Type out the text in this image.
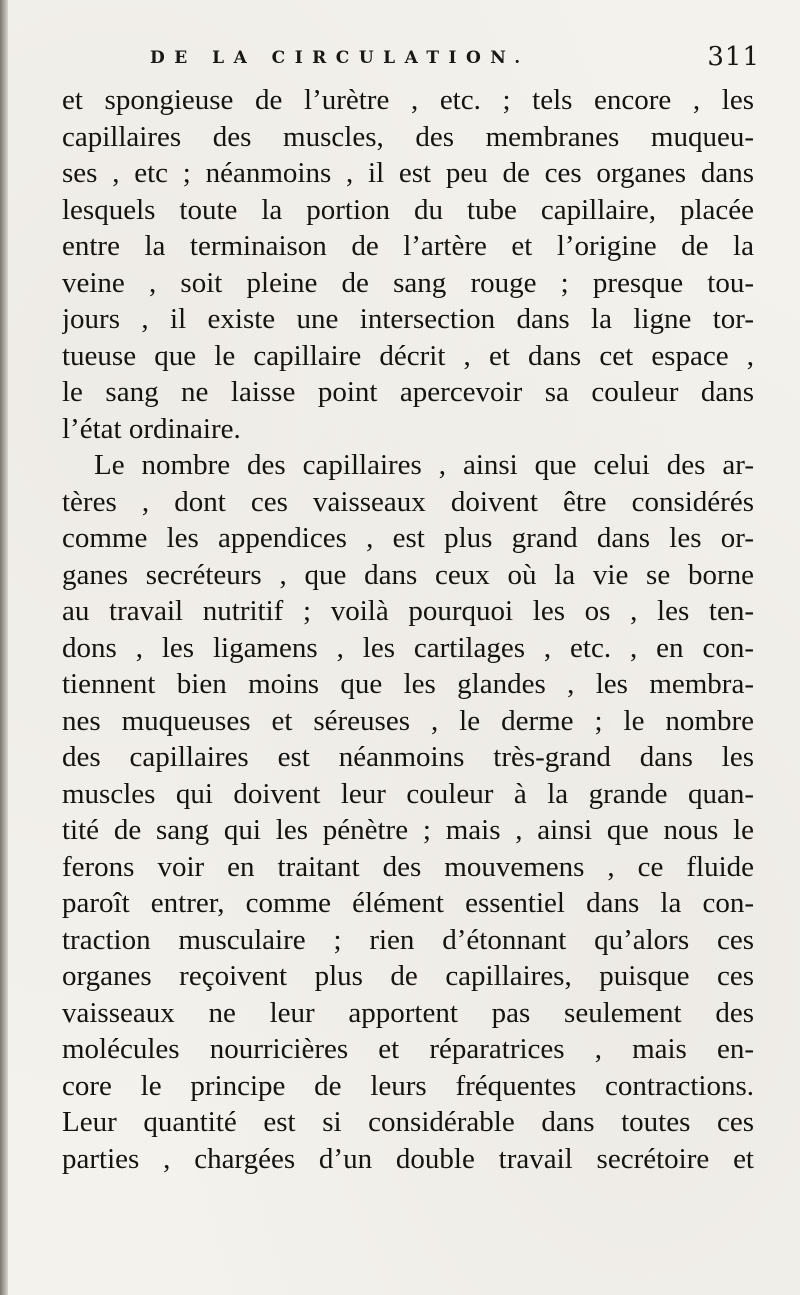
DE LA CIRCULATION.	311
et spongieuse de l’urètre , etc. ; tels encore , les
capillaires des muscles, des membranes muqueu-
ses , etc ; néanmoins , il est peu de ces organes dans
lesquels toute la portion du tube capillaire, placée
entre la terminaison de l’artère et l’origine de la
veine , soit pleine de sang rouge ; presque tou-
jours , il existe une intersection dans la ligne tor-
tueuse que le capillaire décrit , et dans cet espace ,
le sang ne laisse point apercevoir sa couleur dans
l’état ordinaire.
Le nombre des capillaires , ainsi que celui des ar-
tères , dont ces vaisseaux doivent être considérés
comme les appendices , est plus grand dans les or-
ganes secréteurs , que dans ceux où la vie se borne
au travail nutritif ; voilà pourquoi les os , les ten-
dons , les ligamens , les cartilages , etc. , en con-
tiennent bien moins que les glandes , les membra-
nes muqueuses et séreuses , le derme ; le nombre
des capillaires est néanmoins très-grand dans les
muscles qui doivent leur couleur à la grande quan-
tité de sang qui les pénètre ; mais , ainsi que nous le
ferons voir en traitant des mouvemens , ce fluide
paroît entrer, comme élément essentiel dans la con-
traction musculaire ; rien d’étonnant qu’alors ces
organes reçoivent plus de capillaires, puisque ces
vaisseaux ne leur apportent pas seulement des
molécules nourricières et réparatrices , mais en-
core le principe de leurs fréquentes contractions.
Leur quantité est si considérable dans toutes ces
parties , chargées d’un double travail secrétoire et
